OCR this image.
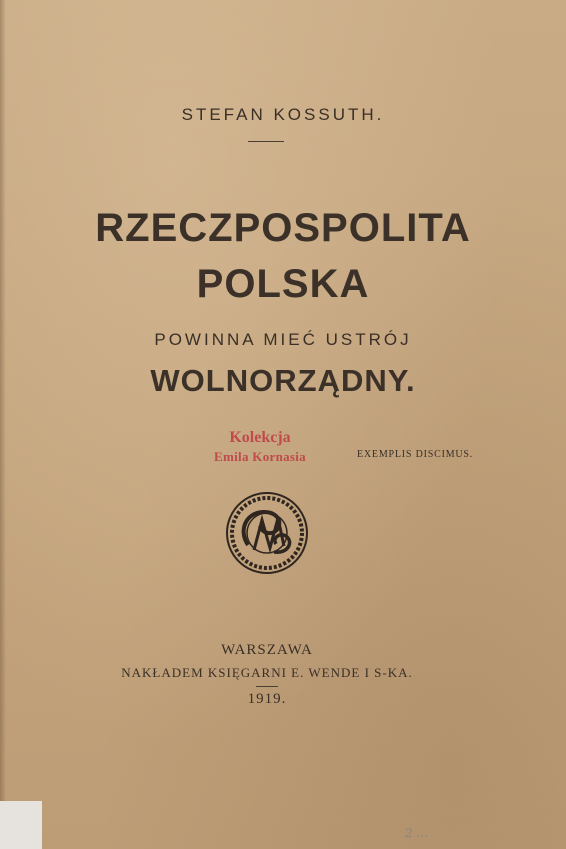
STEFAN KOSSUTH.
RZECZPOSPOLITA
POLSKA
POWINNA MIEĆ USTRÓJ
WOLNORZĄDNY.
Kolekcja
Emila Kornasia	EXEMPLIS DISCIMUS.
WARSZAWA
NAKŁADEM KSIĘGARNI E. WENDE I S-KA.
1919.
2 ...
